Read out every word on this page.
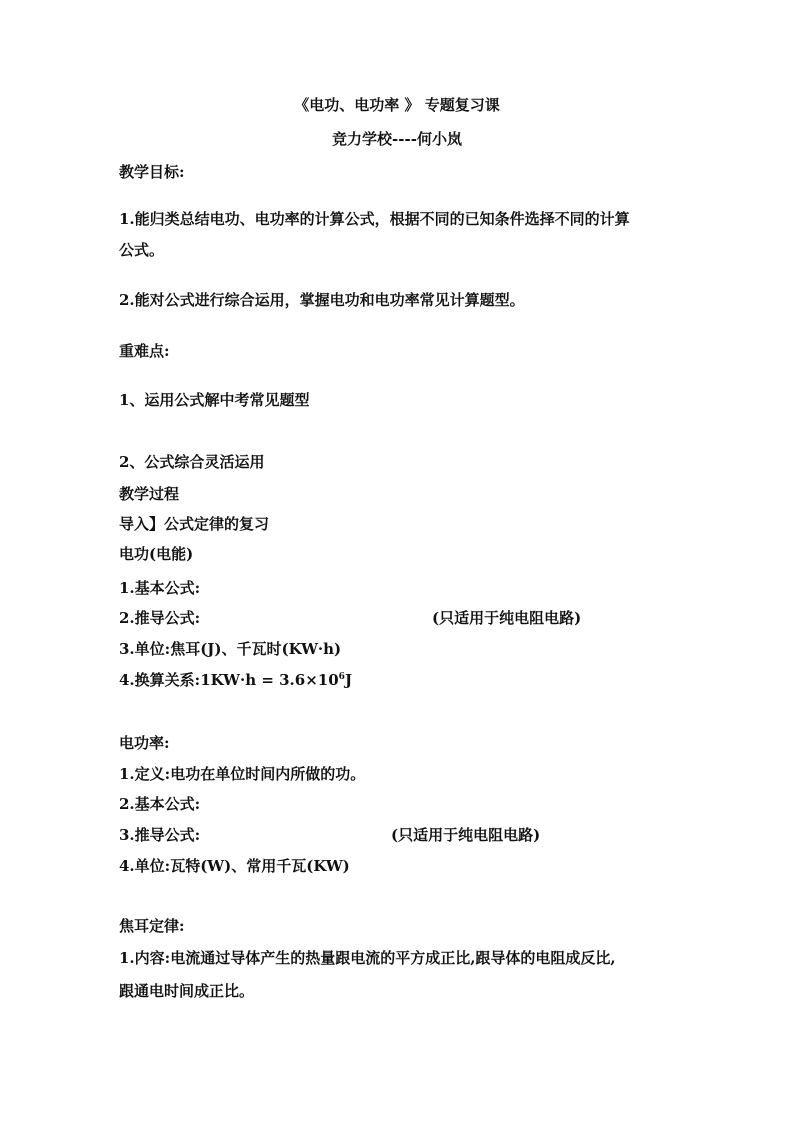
《电功、电功率 》 专题复习课
竞力学校----何小岚
教学目标:
1.能归类总结电功、电功率的计算公式，根据不同的已知条件选择不同的计算
公式。
2.能对公式进行综合运用，掌握电功和电功率常见计算题型。
重难点:
1、运用公式解中考常见题型
2、公式综合灵活运用
教学过程
导入】公式定律的复习
电功(电能)
1.基本公式:
2.推导公式:	(只适用于纯电阻电路)
3.单位:焦耳(J)、千瓦时(KW·h)
4.换算关系:1KW·h = $3.6\times 10^6J$
电功率:
1.定义:电功在单位时间内所做的功。
2.基本公式:
3.推导公式:	(只适用于纯电阻电路)
4.单位:瓦特(W)、常用千瓦(KW)
焦耳定律:
1.内容:电流通过导体产生的热量跟电流的平方成正比,跟导体的电阻成反比,
跟通电时间成正比。
